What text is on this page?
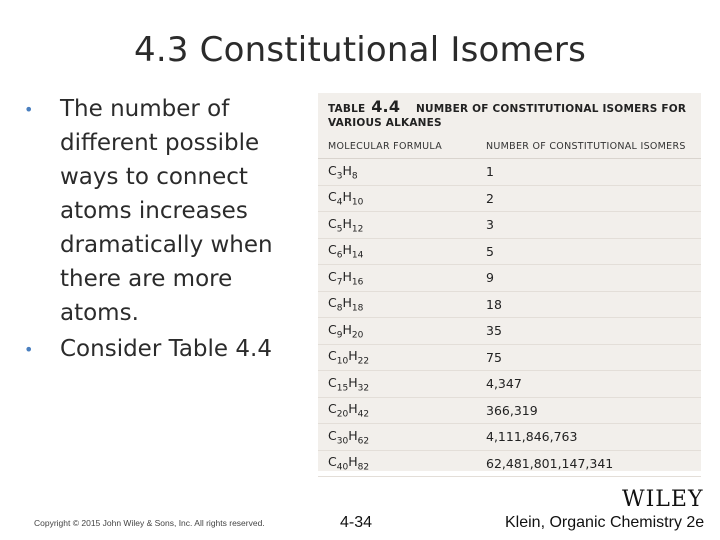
4.3 Constitutional Isomers
•	The number of different possible ways to connect atoms increases dramatically when there are more atoms.
•	Consider Table 4.4
TABLE 4.4 NUMBER OF CONSTITUTIONAL ISOMERS FOR VARIOUS ALKANES
MOLECULAR FORMULA	NUMBER OF CONSTITUTIONAL ISOMERS
$C_3H_8$	1
$C_4H_{10}$	2
$C_5H_{12}$	3
$C_6H_{14}$	5
$C_7H_{16}$	9
$C_8H_{18}$	18
$C_9H_{20}$	35
$C_{10}H_{22}$	75
$C_{15}H_{32}$	4,347
$C_{20}H_{42}$	366,319
$C_{30}H_{62}$	4,111,846,763
$C_{40}H_{82}$	62,481,801,147,341
Copyright © 2015 John Wiley & Sons, Inc. All rights reserved.	4-34	Klein, Organic Chemistry 2e
WILEY
